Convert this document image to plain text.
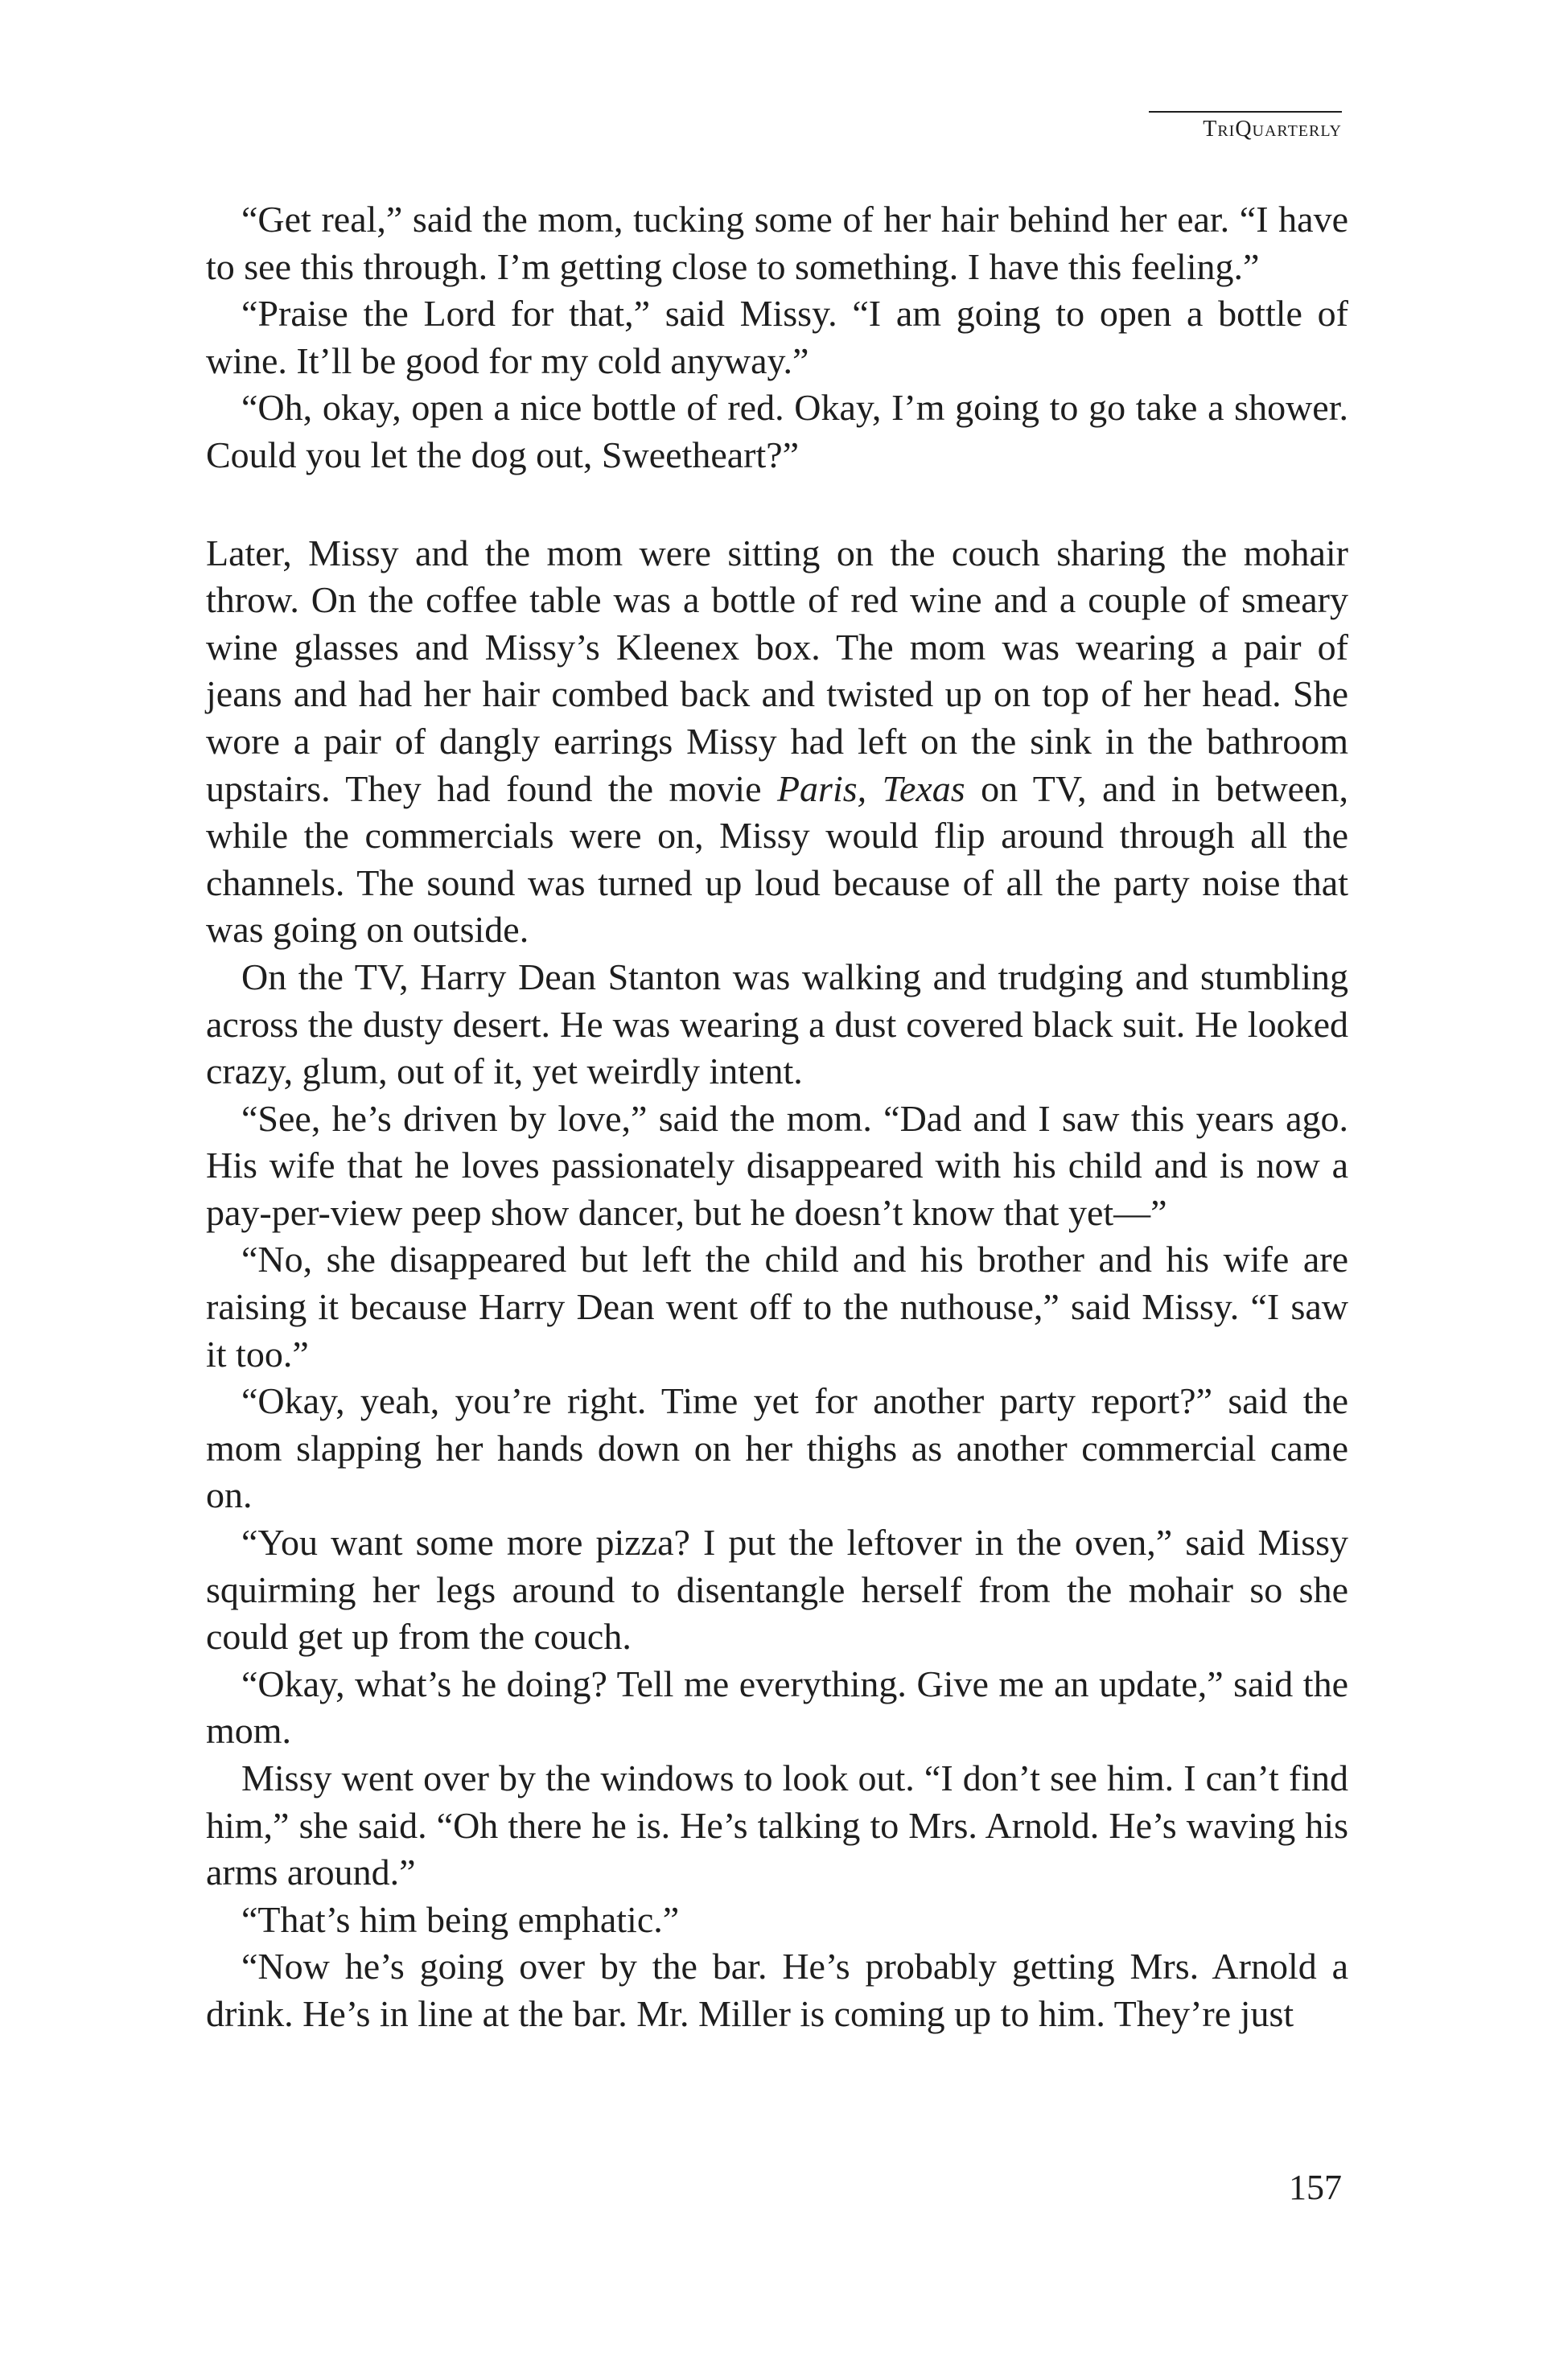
TriQuarterly

“Get real,” said the mom, tucking some of her hair behind her ear. “I have to see this through. I’m getting close to something. I have this feeling.”

“Praise the Lord for that,” said Missy. “I am going to open a bottle of wine. It’ll be good for my cold anyway.”

“Oh, okay, open a nice bottle of red. Okay, I’m going to go take a shower. Could you let the dog out, Sweetheart?”

Later, Missy and the mom were sitting on the couch sharing the mohair throw. On the coffee table was a bottle of red wine and a couple of smeary wine glasses and Missy’s Kleenex box. The mom was wearing a pair of jeans and had her hair combed back and twisted up on top of her head. She wore a pair of dangly earrings Missy had left on the sink in the bathroom upstairs. They had found the movie Paris, Texas on TV, and in between, while the commercials were on, Missy would flip around through all the channels. The sound was turned up loud because of all the party noise that was going on outside.

On the TV, Harry Dean Stanton was walking and trudging and stumbling across the dusty desert. He was wearing a dust covered black suit. He looked crazy, glum, out of it, yet weirdly intent.

“See, he’s driven by love,” said the mom. “Dad and I saw this years ago. His wife that he loves passionately disappeared with his child and is now a pay-per-view peep show dancer, but he doesn’t know that yet—”

“No, she disappeared but left the child and his brother and his wife are raising it because Harry Dean went off to the nuthouse,” said Missy. “I saw it too.”

“Okay, yeah, you’re right. Time yet for another party report?” said the mom slapping her hands down on her thighs as another commercial came on.

“You want some more pizza? I put the leftover in the oven,” said Missy squirming her legs around to disentangle herself from the mohair so she could get up from the couch.

“Okay, what’s he doing? Tell me everything. Give me an update,” said the mom.

Missy went over by the windows to look out. “I don’t see him. I can’t find him,” she said. “Oh there he is. He’s talking to Mrs. Arnold. He’s waving his arms around.”

“That’s him being emphatic.”

“Now he’s going over by the bar. He’s probably getting Mrs. Arnold a drink. He’s in line at the bar. Mr. Miller is coming up to him. They’re just

157
